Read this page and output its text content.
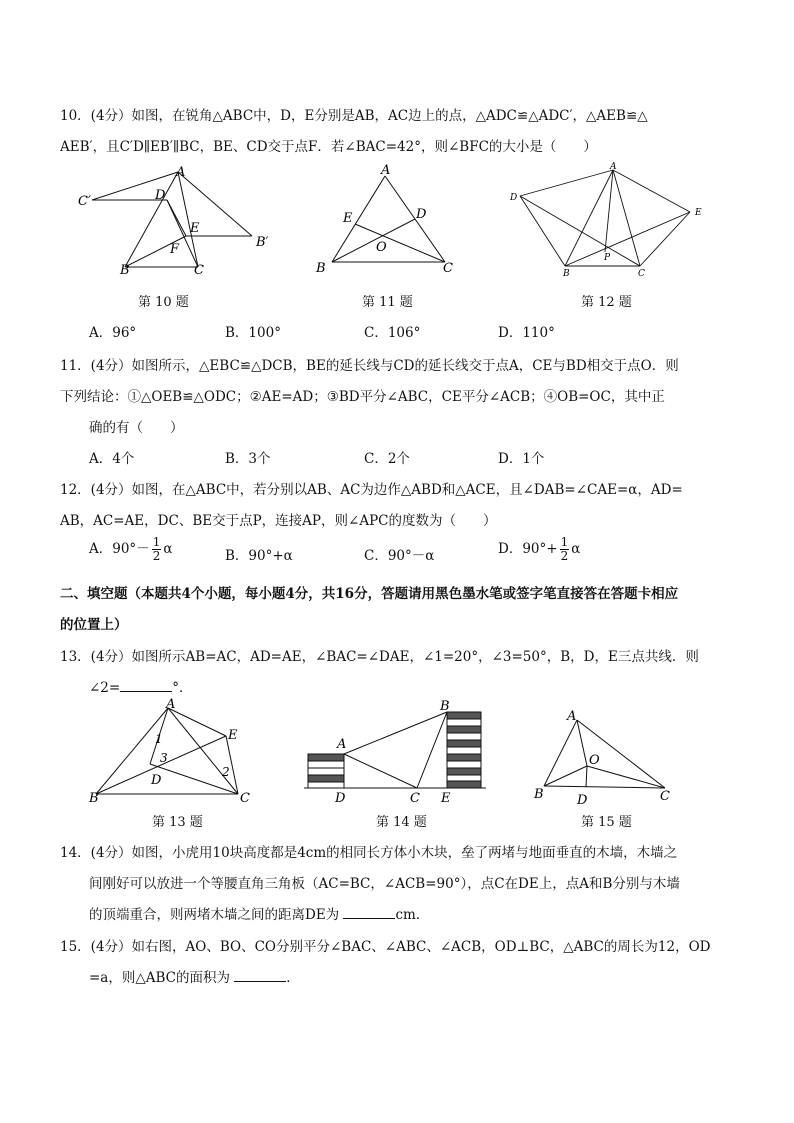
10．(4分）如图，在锐角△ABC中，D，E分别是AB，AC边上的点，△ADC≌△ADC′，△AEB≌△
AEB′，且C′D∥EB′∥BC，BE、CD交于点F．若∠BAC=42°，则∠BFC的大小是（　　）
A
C′	D
E
B′
F
B	C
A
E	D
O
B	C
A
D
E
P
B	C
第 10 题	第 11 题	第 12 题
A．96°	B．100°	C．106°	D．110°
11．(4分）如图所示，△EBC≌△DCB，BE的延长线与CD的延长线交于点A，CE与BD相交于点O．则
下列结论：①△OEB≌△ODC；②AE=AD；③BD平分∠ABC，CE平分∠ACB；④OB=OC，其中正
确的有（　　）
A．4个	B．3个	C．2个	D．1个
12．(4分）如图，在△ABC中，若分别以AB、AC为边作△ABD和△ACE，且∠DAB=∠CAE=α，AD=
AB，AC=AE，DC、BE交于点P，连接AP，则∠APC的度数为（　　）
A．$90^\circ- \frac{1}{2}$ α	B．90°+α	C．90°－α	D．$90^\circ+ \frac{1}{2}$ α
二、填空题（本题共4个小题，每小题4分，共16分，答题请用黑色墨水笔或签字笔直接答在答题卡相应
的位置上）
13．(4分）如图所示AB=AC，AD=AE，∠BAC=∠DAE，∠1=20°，∠3=50°，B，D，E三点共线．则
∠2=	°．
A
E
D
B	C
1
2
3
A
B
D	C E
A
O
B	D	C
第 13 题	第 14 题	第 15 题
14．(4分）如图，小虎用10块高度都是4cm的相同长方体小木块，垒了两堵与地面垂直的木墙，木墙之
间刚好可以放进一个等腰直角三角板（AC=BC，∠ACB=90°），点C在DE上，点A和B分别与木墙
的顶端重合，则两堵木墙之间的距离DE为	cm．
15．(4分）如右图，AO、BO、CO分别平分∠BAC、∠ABC、∠ACB，OD⊥BC，△ABC的周长为12，OD
=a，则△ABC的面积为	．
